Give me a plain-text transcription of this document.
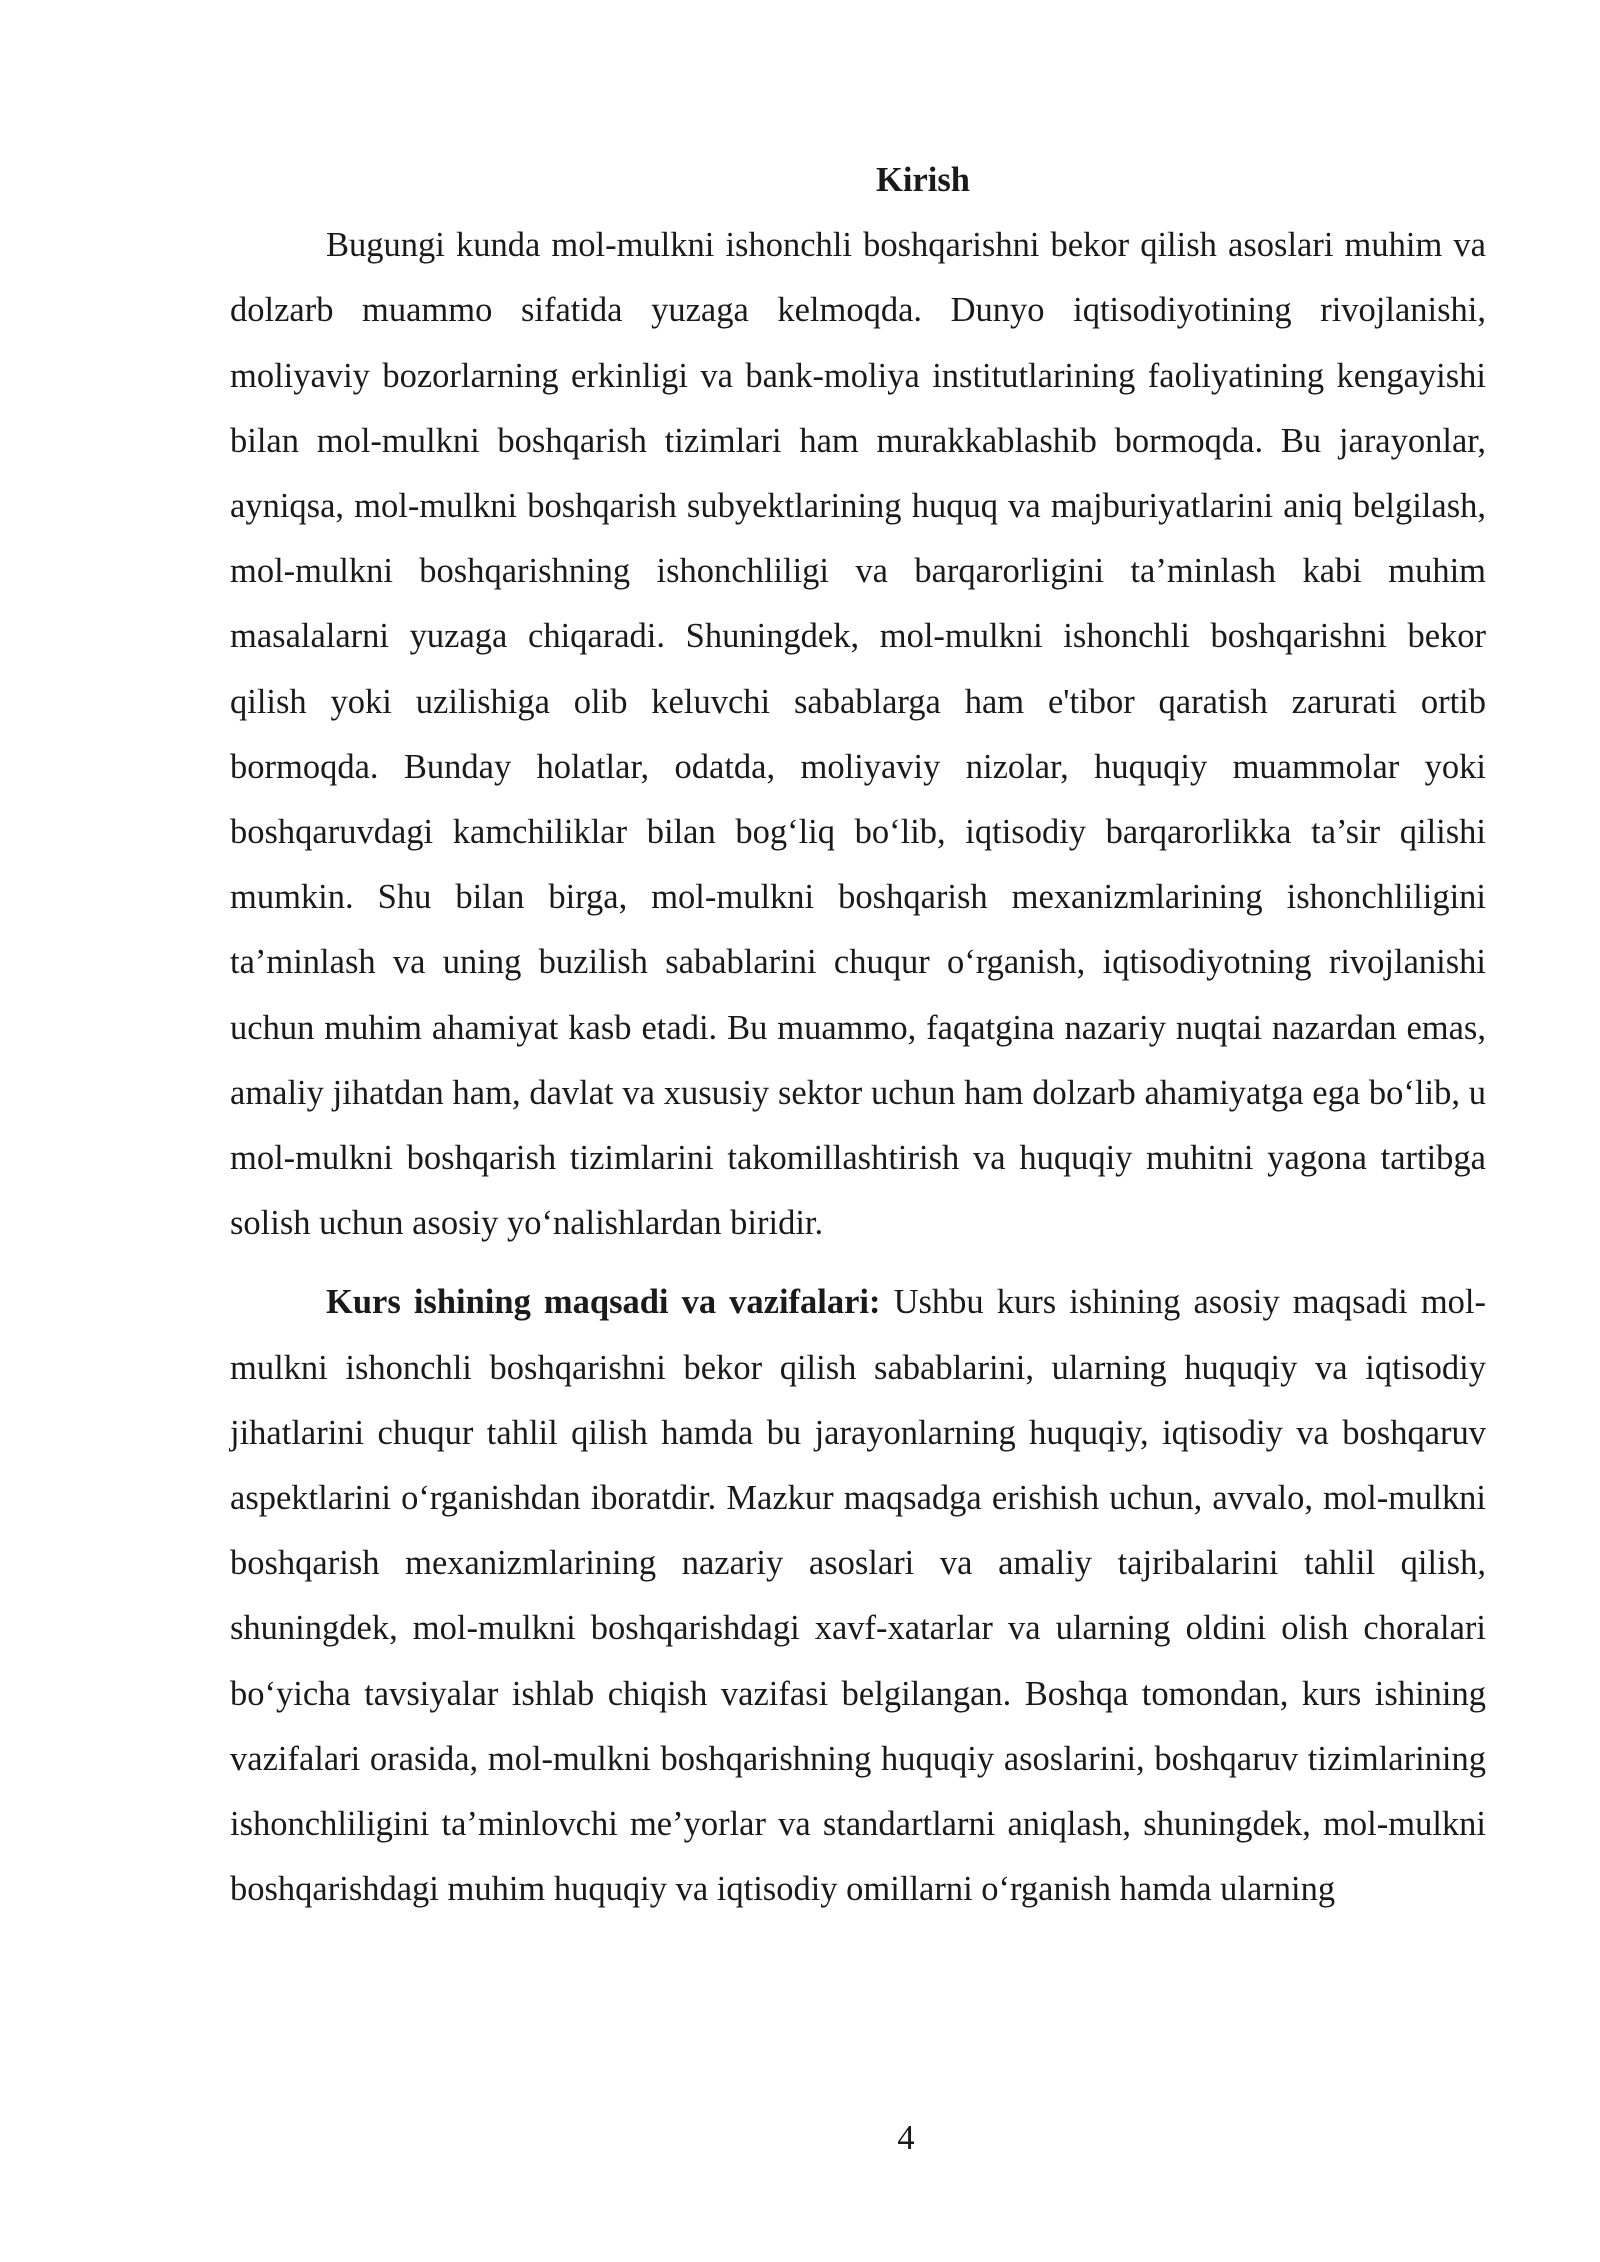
Kirish

Bugungi kunda mol-mulkni ishonchli boshqarishni bekor qilish asoslari muhim va dolzarb muammo sifatida yuzaga kelmoqda. Dunyo iqtisodiyotining rivojlanishi, moliyaviy bozorlarning erkinligi va bank-moliya institutlarining faoliyatining kengayishi bilan mol-mulkni boshqarish tizimlari ham murakkablashib bormoqda. Bu jarayonlar, ayniqsa, mol-mulkni boshqarish subyektlarining huquq va majburiyatlarini aniq belgilash, mol-mulkni boshqarishning ishonchliligi va barqarorligini ta’minlash kabi muhim masalalarni yuzaga chiqaradi. Shuningdek, mol-mulkni ishonchli boshqarishni bekor qilish yoki uzilishiga olib keluvchi sabablarga ham e'tibor qaratish zarurati ortib bormoqda. Bunday holatlar, odatda, moliyaviy nizolar, huquqiy muammolar yoki boshqaruvdagi kamchiliklar bilan bog‘liq bo‘lib, iqtisodiy barqarorlikka ta’sir qilishi mumkin. Shu bilan birga, mol-mulkni boshqarish mexanizmlarining ishonchliligini ta’minlash va uning buzilish sabablarini chuqur o‘rganish, iqtisodiyotning rivojlanishi uchun muhim ahamiyat kasb etadi. Bu muammo, faqatgina nazariy nuqtai nazardan emas, amaliy jihatdan ham, davlat va xususiy sektor uchun ham dolzarb ahamiyatga ega bo‘lib, u mol-mulkni boshqarish tizimlarini takomillashtirish va huquqiy muhitni yagona tartibga solish uchun asosiy yo‘nalishlardan biridir.

Kurs ishining maqsadi va vazifalari: Ushbu kurs ishining asosiy maqsadi mol-mulkni ishonchli boshqarishni bekor qilish sabablarini, ularning huquqiy va iqtisodiy jihatlarini chuqur tahlil qilish hamda bu jarayonlarning huquqiy, iqtisodiy va boshqaruv aspektlarini o‘rganishdan iboratdir. Mazkur maqsadga erishish uchun, avvalo, mol-mulkni boshqarish mexanizmlarining nazariy asoslari va amaliy tajribalarini tahlil qilish, shuningdek, mol-mulkni boshqarishdagi xavf-xatarlar va ularning oldini olish choralari bo‘yicha tavsiyalar ishlab chiqish vazifasi belgilangan. Boshqa tomondan, kurs ishining vazifalari orasida, mol-mulkni boshqarishning huquqiy asoslarini, boshqaruv tizimlarining ishonchliligini ta’minlovchi me’yorlar va standartlarni aniqlash, shuningdek, mol-mulkni boshqarishdagi muhim huquqiy va iqtisodiy omillarni o‘rganish hamda ularning

4
